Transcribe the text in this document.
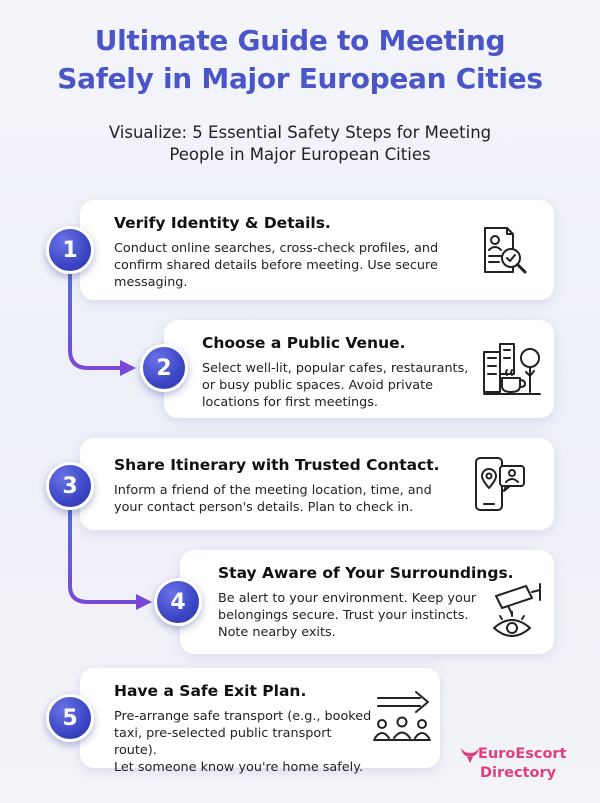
Ultimate Guide to Meeting
Safely in Major European Cities
Visualize: 5 Essential Safety Steps for Meeting
People in Major European Cities
Verify Identity & Details.

Conduct online searches, cross-check profiles, and
confirm shared details before meeting. Use secure
messaging.

1
Choose a Public Venue.

Select well-lit, popular cafes, restaurants,
or busy public spaces. Avoid private
locations for first meetings.

2
Share Itinerary with Trusted Contact.

Inform a friend of the meeting location, time, and
your contact person's details. Plan to check in.

3
Stay Aware of Your Surroundings.

Be alert to your environment. Keep your
belongings secure. Trust your instincts.
Note nearby exits.

4
Have a Safe Exit Plan.

Pre-arrange safe transport (e.g., booked
taxi, pre-selected public transport route).
Let someone know you're home safely.

5
EuroEscort
Directory
